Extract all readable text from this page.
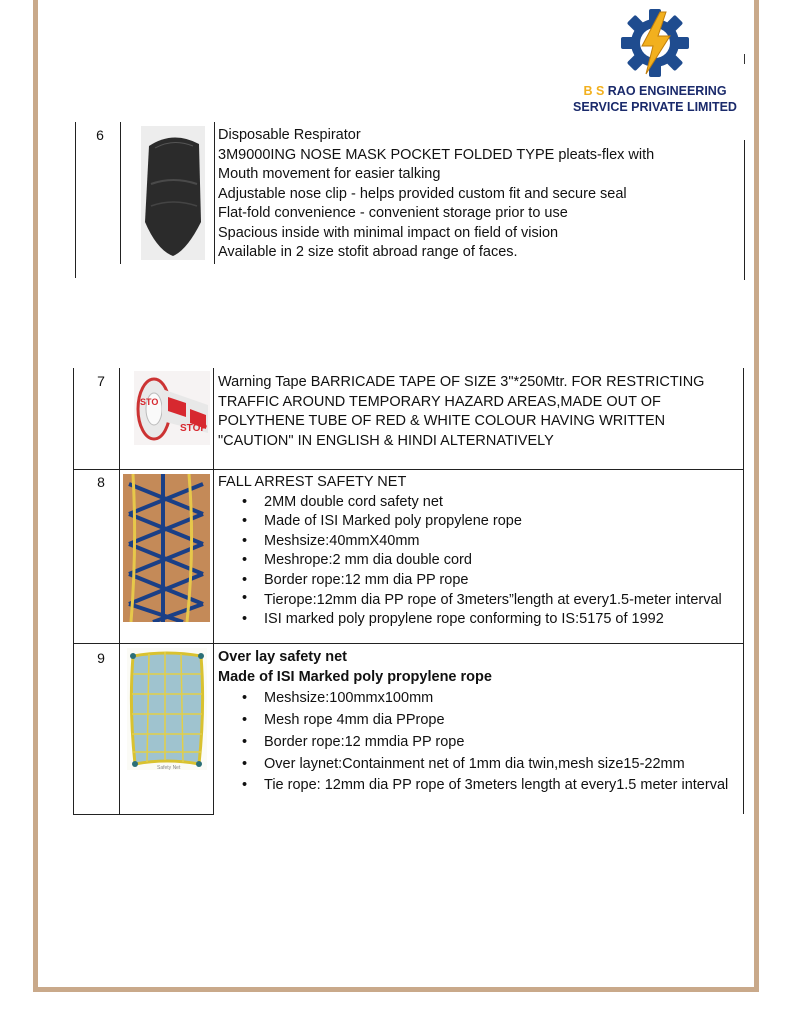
B S RAO ENGINEERING
SERVICE PRIVATE LIMITED
6	Disposable Respirator
3M9000ING NOSE MASK POCKET FOLDED TYPE pleats-flex with
Mouth movement for easier talking
Adjustable nose clip - helps provided custom fit and secure seal
Flat-fold convenience - convenient storage prior to use
Spacious inside with minimal impact on field of vision
Available in 2 size stofit abroad range of faces.
7
STO
STOP
Warning Tape BARRICADE TAPE OF SIZE 3"*250Mtr. FOR RESTRICTING
TRAFFIC AROUND TEMPORARY HAZARD AREAS,MADE OUT OF
POLYTHENE TUBE OF RED & WHITE COLOUR HAVING WRITTEN
"CAUTION" IN ENGLISH & HINDI ALTERNATIVELY
8	FALL ARREST SAFETY NET
• 2MM double cord safety net
• Made of ISI Marked poly propylene rope
• Meshsize:40mmX40mm
• Meshrope:2 mm dia double cord
• Border rope:12 mm dia PP rope
• Tierope:12mm dia PP rope of 3meters”length at every1.5-meter interval
• ISI marked poly propylene rope conforming to IS:5175 of 1992
9
Safety Net
Over lay safety net
Made of ISI Marked poly propylene rope
• Meshsize:100mmx100mm
• Mesh rope 4mm dia PPrope
• Border rope:12 mmdia PP rope
• Over laynet:Containment net of 1mm dia twin,mesh size15-22mm
• Tie rope: 12mm dia PP rope of 3meters length at every1.5 meter interval
